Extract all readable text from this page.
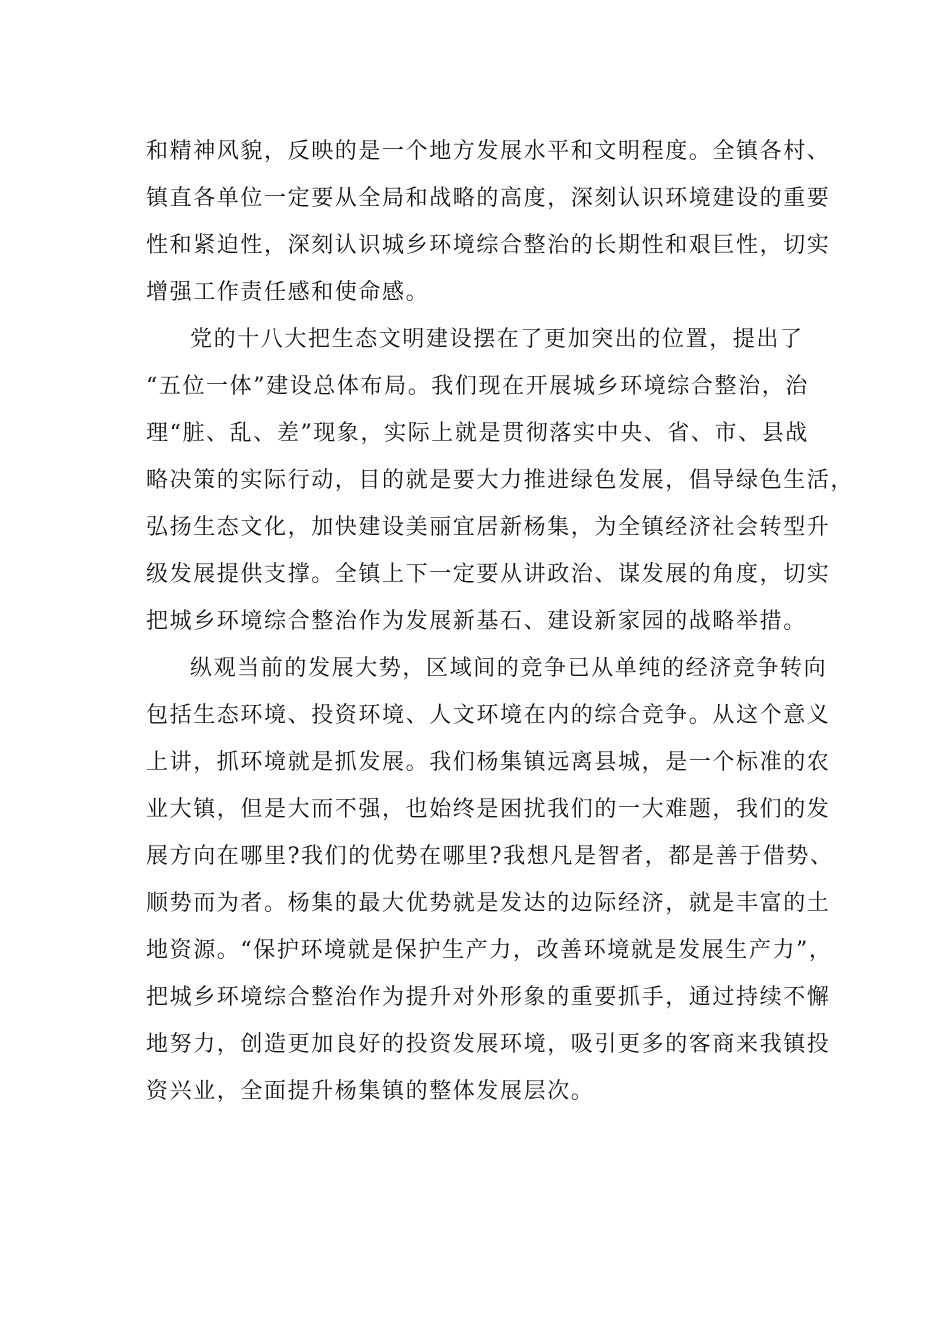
和精神风貌，反映的是一个地方发展水平和文明程度。全镇各村、
镇直各单位一定要从全局和战略的高度，深刻认识环境建设的重要
性和紧迫性，深刻认识城乡环境综合整治的长期性和艰巨性，切实
增强工作责任感和使命感。
党的十八大把生态文明建设摆在了更加突出的位置，提出了
“五位一体”建设总体布局。我们现在开展城乡环境综合整治，治
理“脏、乱、差”现象，实际上就是贯彻落实中央、省、市、县战
略决策的实际行动，目的就是要大力推进绿色发展，倡导绿色生活，
弘扬生态文化，加快建设美丽宜居新杨集，为全镇经济社会转型升
级发展提供支撑。全镇上下一定要从讲政治、谋发展的角度，切实
把城乡环境综合整治作为发展新基石、建设新家园的战略举措。
纵观当前的发展大势，区域间的竞争已从单纯的经济竞争转向
包括生态环境、投资环境、人文环境在内的综合竞争。从这个意义
上讲，抓环境就是抓发展。我们杨集镇远离县城，是一个标准的农
业大镇，但是大而不强，也始终是困扰我们的一大难题，我们的发
展方向在哪里?我们的优势在哪里?我想凡是智者，都是善于借势、
顺势而为者。杨集的最大优势就是发达的边际经济，就是丰富的土
地资源。“保护环境就是保护生产力，改善环境就是发展生产力”，
把城乡环境综合整治作为提升对外形象的重要抓手，通过持续不懈
地努力，创造更加良好的投资发展环境，吸引更多的客商来我镇投
资兴业，全面提升杨集镇的整体发展层次。
